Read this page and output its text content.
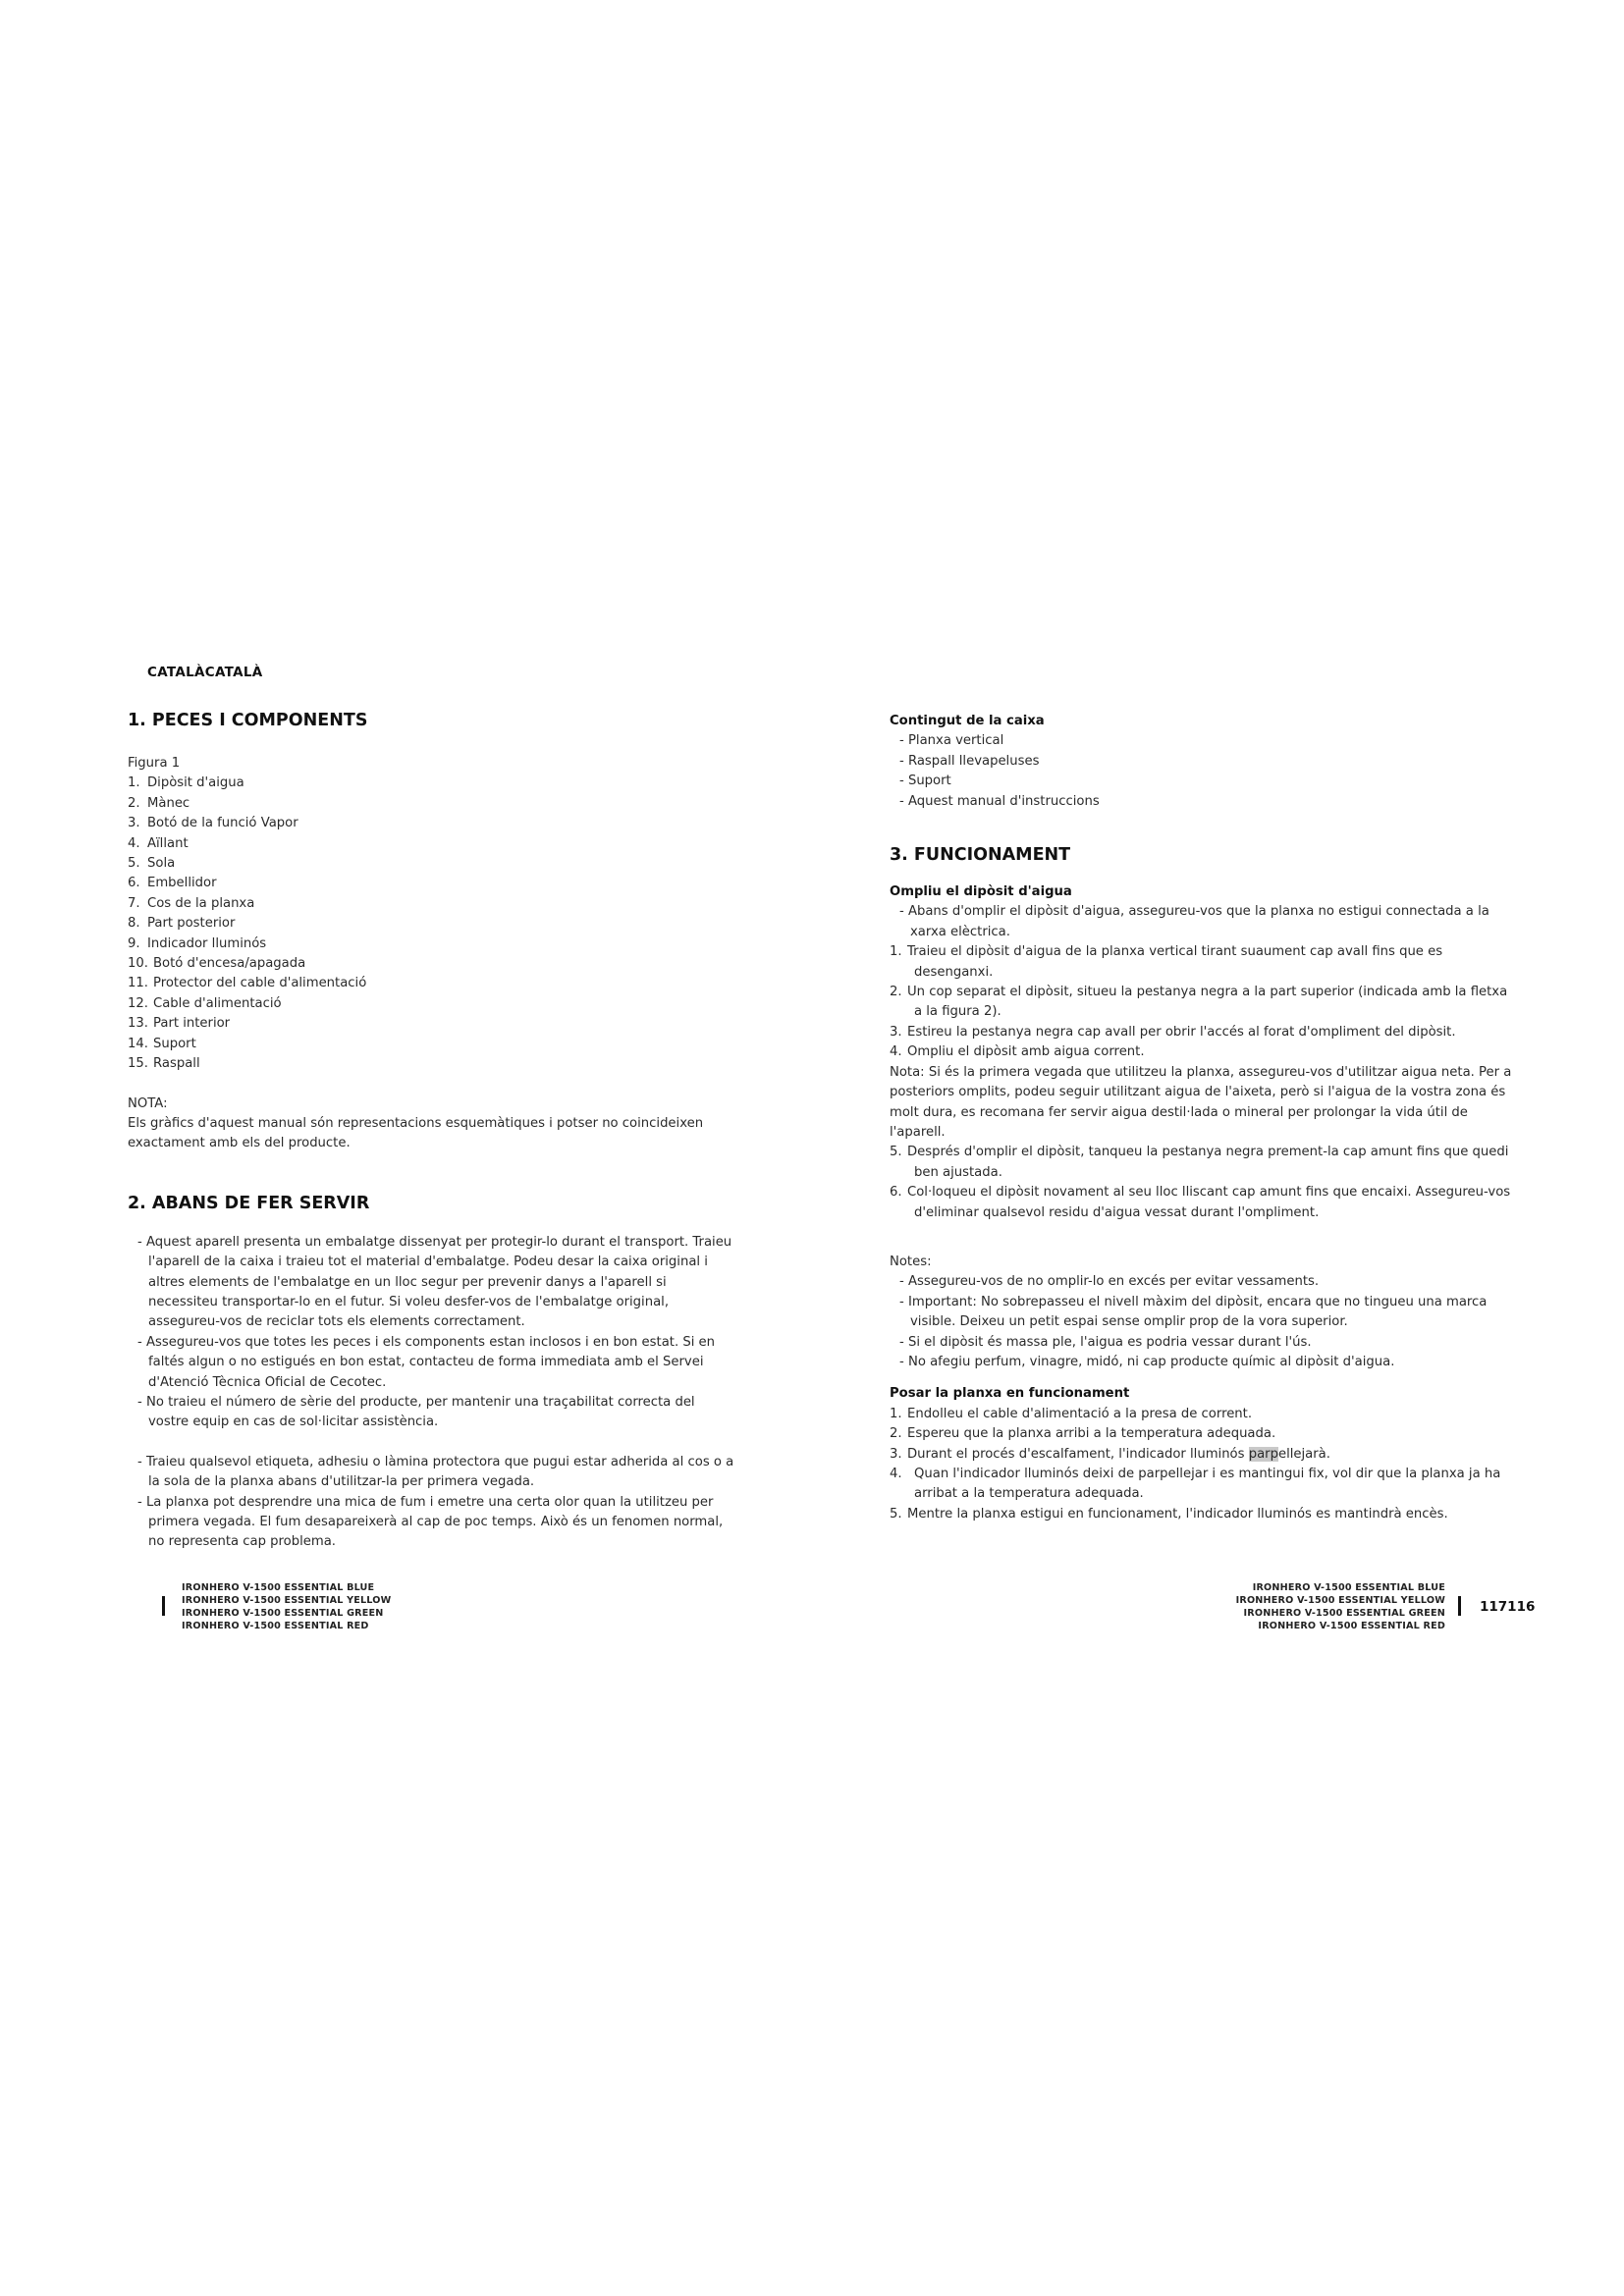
CATALÀCATALÀ
1. PECES I COMPONENTS
Figura 1
1. Dipòsit d'aigua
2. Mànec
3. Botó de la funció Vapor
4. Aïllant
5. Sola
6. Embellidor
7. Cos de la planxa
8. Part posterior
9. Indicador lluminós
10. Botó d'encesa/apagada
11. Protector del cable d'alimentació
12. Cable d'alimentació
13. Part interior
14. Suport
15. Raspall
NOTA:
Els gràfics d'aquest manual són representacions esquemàtiques i potser no coincideixen exactament amb els del producte.
2. ABANS DE FER SERVIR
- Aquest aparell presenta un embalatge dissenyat per protegir-lo durant el transport. Traieu l'aparell de la caixa i traieu tot el material d'embalatge. Podeu desar la caixa original i altres elements de l'embalatge en un lloc segur per prevenir danys a l'aparell si necessiteu transportar-lo en el futur. Si voleu desfer-vos de l'embalatge original, assegureu-vos de reciclar tots els elements correctament.
- Assegureu-vos que totes les peces i els components estan inclosos i en bon estat. Si en faltés algun o no estigués en bon estat, contacteu de forma immediata amb el Servei d'Atenció Tècnica Oficial de Cecotec.
- No traieu el número de sèrie del producte, per mantenir una traçabilitat correcta del vostre equip en cas de sol·licitar assistència.
- Traieu qualsevol etiqueta, adhesiu o làmina protectora que pugui estar adherida al cos o a la sola de la planxa abans d'utilitzar-la per primera vegada.
- La planxa pot desprendre una mica de fum i emetre una certa olor quan la utilitzeu per primera vegada. El fum desapareixerà al cap de poc temps. Això és un fenomen normal, no representa cap problema.
Contingut de la caixa
- Planxa vertical
- Raspall llevapeluses
- Suport
- Aquest manual d'instruccions
3. FUNCIONAMENT
Ompliu el dipòsit d'aigua
- Abans d'omplir el dipòsit d'aigua, assegureu-vos que la planxa no estigui connectada a la xarxa elèctrica.
1. Traieu el dipòsit d'aigua de la planxa vertical tirant suaument cap avall fins que es desenganxi.
2. Un cop separat el dipòsit, situeu la pestanya negra a la part superior (indicada amb la fletxa a la figura 2).
3. Estireu la pestanya negra cap avall per obrir l'accés al forat d'ompliment del dipòsit.
4. Ompliu el dipòsit amb aigua corrent.
Nota: Si és la primera vegada que utilitzeu la planxa, assegureu-vos d'utilitzar aigua neta. Per a posteriors omplits, podeu seguir utilitzant aigua de l'aixeta, però si l'aigua de la vostra zona és molt dura, es recomana fer servir aigua destil·lada o mineral per prolongar la vida útil de l'aparell.
5. Després d'omplir el dipòsit, tanqueu la pestanya negra prement-la cap amunt fins que quedi ben ajustada.
6. Col·loqueu el dipòsit novament al seu lloc lliscant cap amunt fins que encaixi. Assegureu-vos d'eliminar qualsevol residu d'aigua vessat durant l'ompliment.
Notes:
- Assegureu-vos de no omplir-lo en excés per evitar vessaments.
- Important: No sobrepasseu el nivell màxim del dipòsit, encara que no tingueu una marca visible. Deixeu un petit espai sense omplir prop de la vora superior.
- Si el dipòsit és massa ple, l'aigua es podria vessar durant l'ús.
- No afegiu perfum, vinagre, midó, ni cap producte químic al dipòsit d'aigua.
Posar la planxa en funcionament
1. Endolleu el cable d'alimentació a la presa de corrent.
2. Espereu que la planxa arribi a la temperatura adequada.
3. Durant el procés d'escalfament, l'indicador lluminós parpellejarà.
4. Quan l'indicador lluminós deixi de parpellejar i es mantingui fix, vol dir que la planxa ja ha arribat a la temperatura adequada.
5. Mentre la planxa estigui en funcionament, l'indicador lluminós es mantindrà encès.
IRONHERO V-1500 ESSENTIAL BLUE
IRONHERO V-1500 ESSENTIAL YELLOW
IRONHERO V-1500 ESSENTIAL GREEN
IRONHERO V-1500 ESSENTIAL RED
IRONHERO V-1500 ESSENTIAL BLUE
IRONHERO V-1500 ESSENTIAL YELLOW
IRONHERO V-1500 ESSENTIAL GREEN
IRONHERO V-1500 ESSENTIAL RED
117116
